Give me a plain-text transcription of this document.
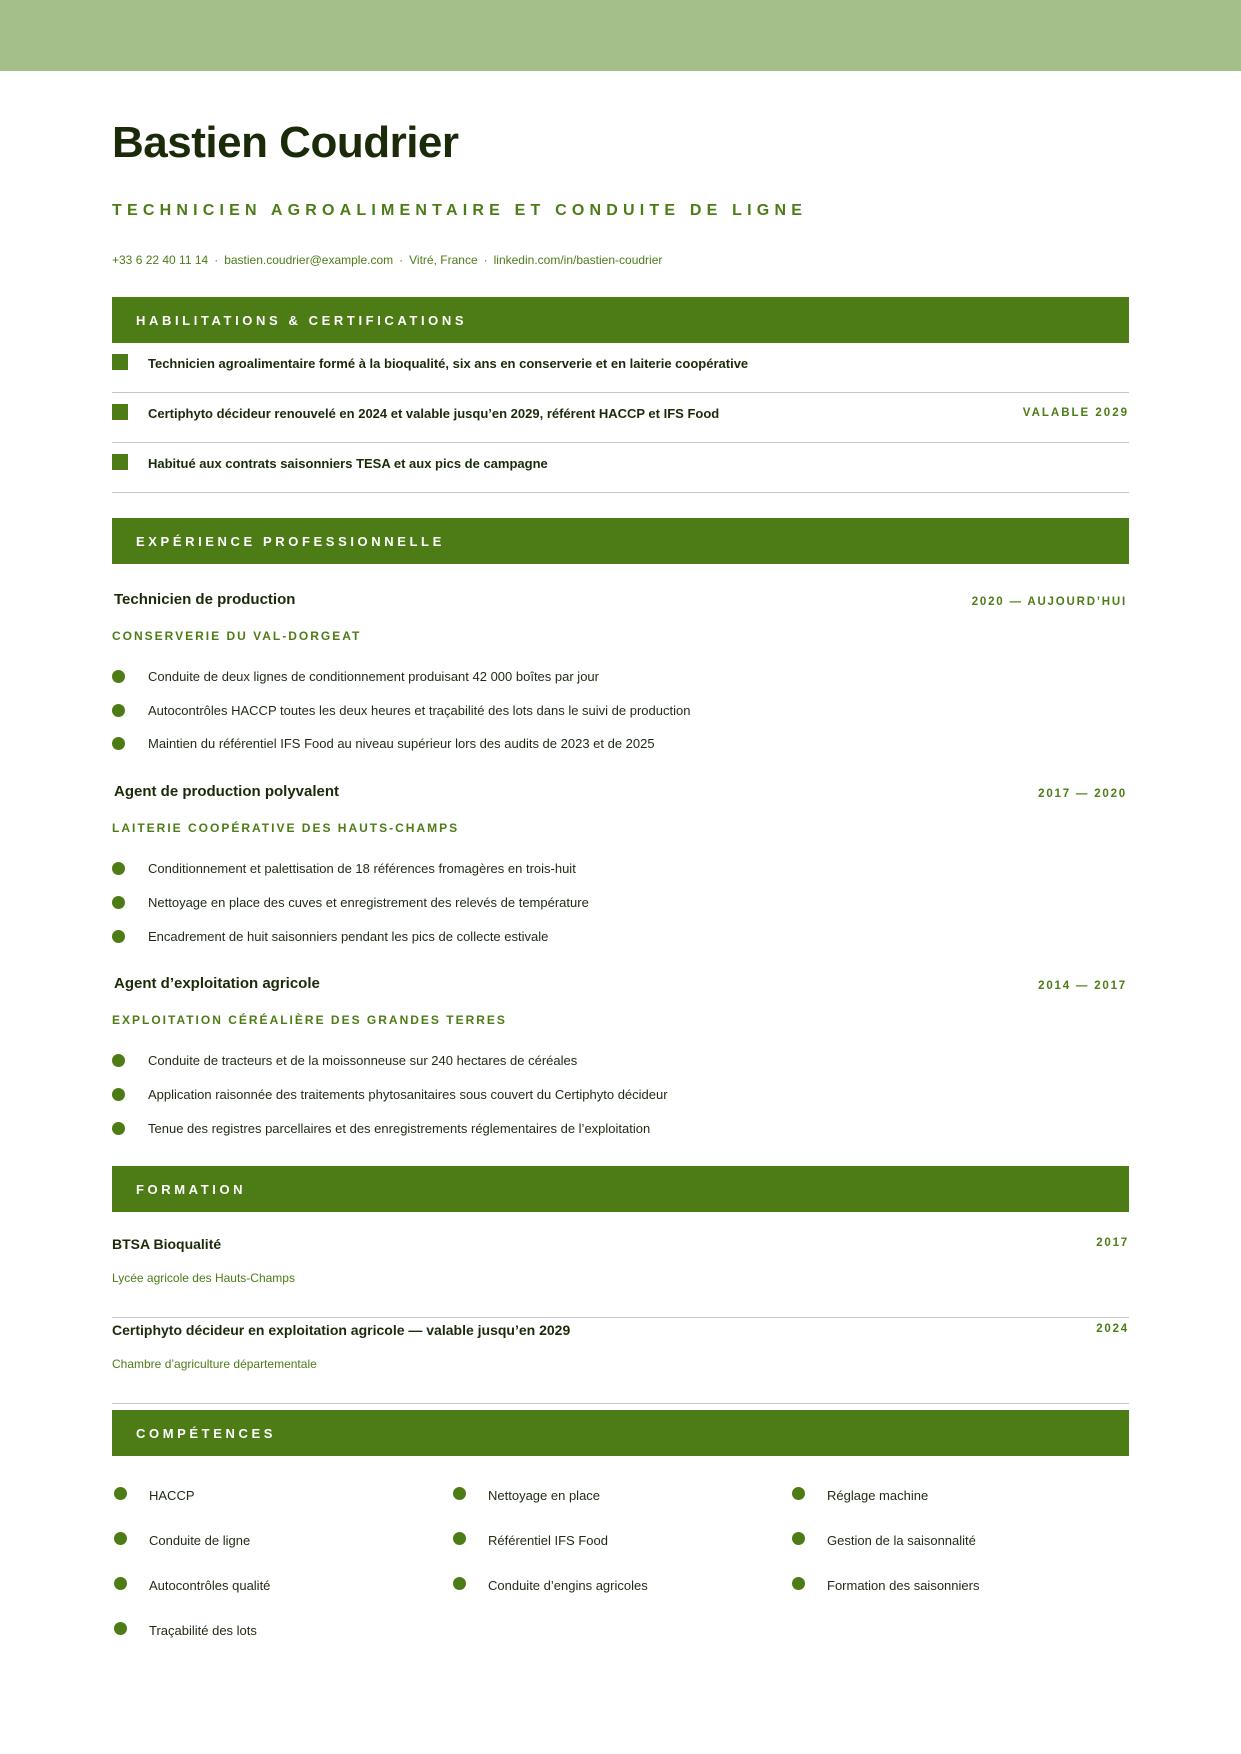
Bastien Coudrier
TECHNICIEN AGROALIMENTAIRE ET CONDUITE DE LIGNE
+33 6 22 40 11 14 · bastien.coudrier@example.com · Vitré, France · linkedin.com/in/bastien-coudrier
HABILITATIONS & CERTIFICATIONS
Technicien agroalimentaire formé à la bioqualité, six ans en conserverie et en laiterie coopérative
Certiphyto décideur renouvelé en 2024 et valable jusqu’en 2029, référent HACCP et IFS Food	VALABLE 2029
Habitué aux contrats saisonniers TESA et aux pics de campagne
EXPÉRIENCE PROFESSIONNELLE
Technicien de production	2020 — AUJOURD’HUI
CONSERVERIE DU VAL-DORGEAT
Conduite de deux lignes de conditionnement produisant 42 000 boîtes par jour
Autocontrôles HACCP toutes les deux heures et traçabilité des lots dans le suivi de production
Maintien du référentiel IFS Food au niveau supérieur lors des audits de 2023 et de 2025
Agent de production polyvalent	2017 — 2020
LAITERIE COOPÉRATIVE DES HAUTS-CHAMPS
Conditionnement et palettisation de 18 références fromagères en trois-huit
Nettoyage en place des cuves et enregistrement des relevés de température
Encadrement de huit saisonniers pendant les pics de collecte estivale
Agent d’exploitation agricole	2014 — 2017
EXPLOITATION CÉRÉALIÈRE DES GRANDES TERRES
Conduite de tracteurs et de la moissonneuse sur 240 hectares de céréales
Application raisonnée des traitements phytosanitaires sous couvert du Certiphyto décideur
Tenue des registres parcellaires et des enregistrements réglementaires de l’exploitation
FORMATION
BTSA Bioqualité	2017
Lycée agricole des Hauts-Champs
Certiphyto décideur en exploitation agricole — valable jusqu’en 2029	2024
Chambre d’agriculture départementale
COMPÉTENCES
HACCP	Nettoyage en place	Réglage machine
Conduite de ligne	Référentiel IFS Food	Gestion de la saisonnalité
Autocontrôles qualité	Conduite d’engins agricoles	Formation des saisonniers
Traçabilité des lots
